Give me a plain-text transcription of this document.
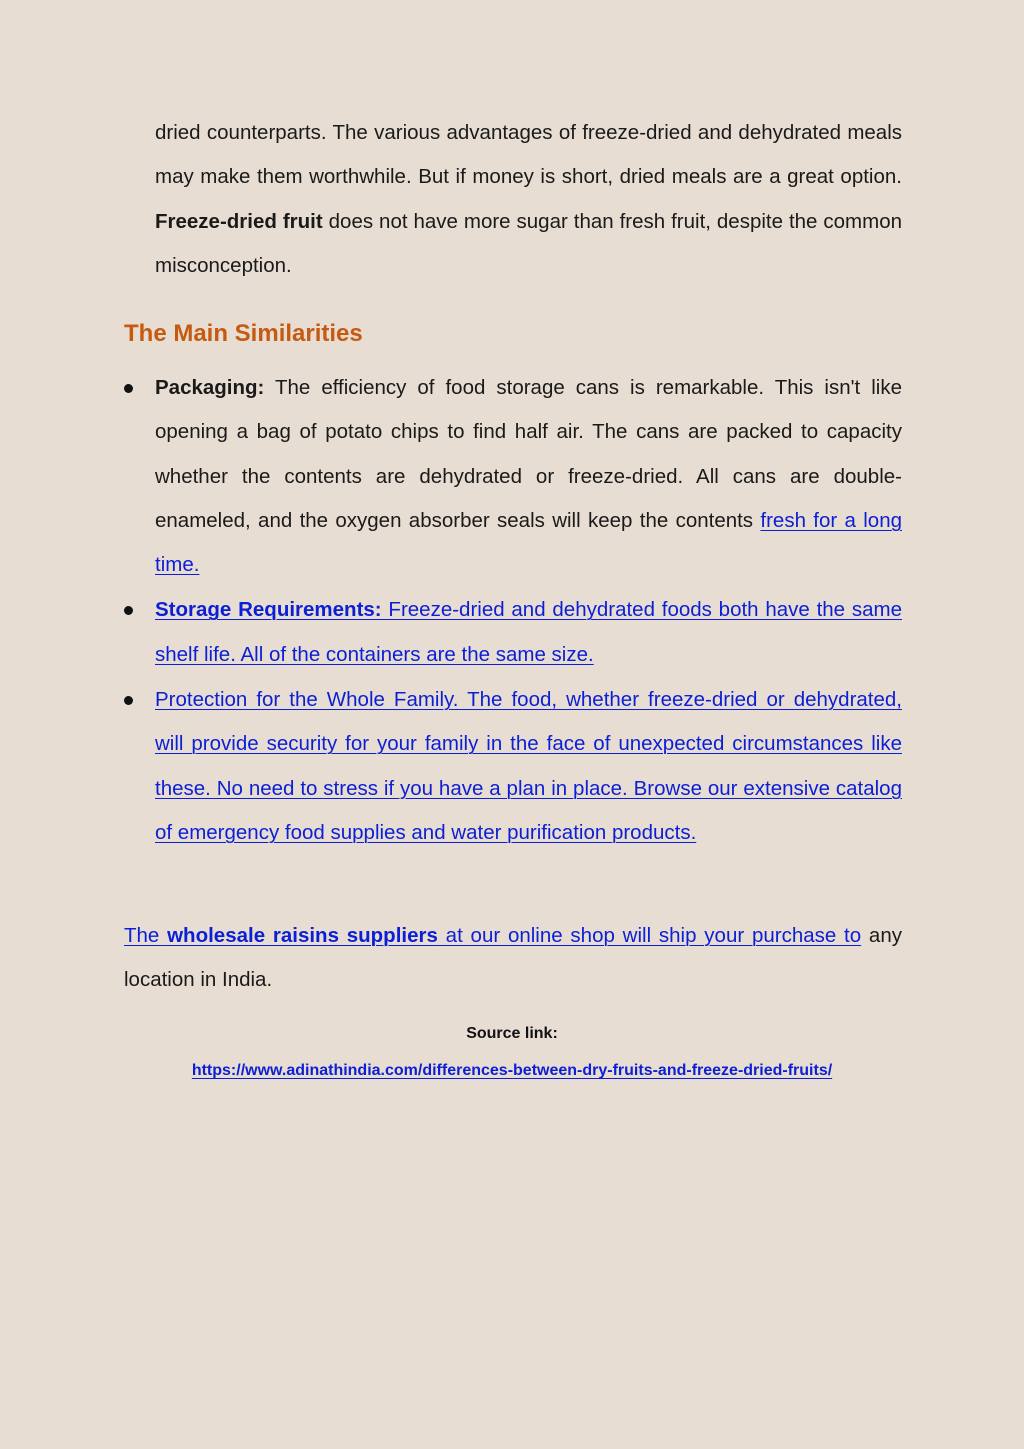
dried counterparts. The various advantages of freeze-dried and dehydrated meals may make them worthwhile. But if money is short, dried meals are a great option. Freeze-dried fruit does not have more sugar than fresh fruit, despite the common misconception.

The Main Similarities
Packaging: The efficiency of food storage cans is remarkable. This isn't like opening a bag of potato chips to find half air. The cans are packed to capacity whether the contents are dehydrated or freeze-dried. All cans are double-enameled, and the oxygen absorber seals will keep the contents fresh for a long time.
Storage Requirements: Freeze-dried and dehydrated foods both have the same shelf life. All of the containers are the same size.
Protection for the Whole Family. The food, whether freeze-dried or dehydrated, will provide security for your family in the face of unexpected circumstances like these. No need to stress if you have a plan in place. Browse our extensive catalog of emergency food supplies and water purification products.

The wholesale raisins suppliers at our online shop will ship your purchase to any location in India.

Source link:
https://www.adinathindia.com/differences-between-dry-fruits-and-freeze-dried-fruits/
